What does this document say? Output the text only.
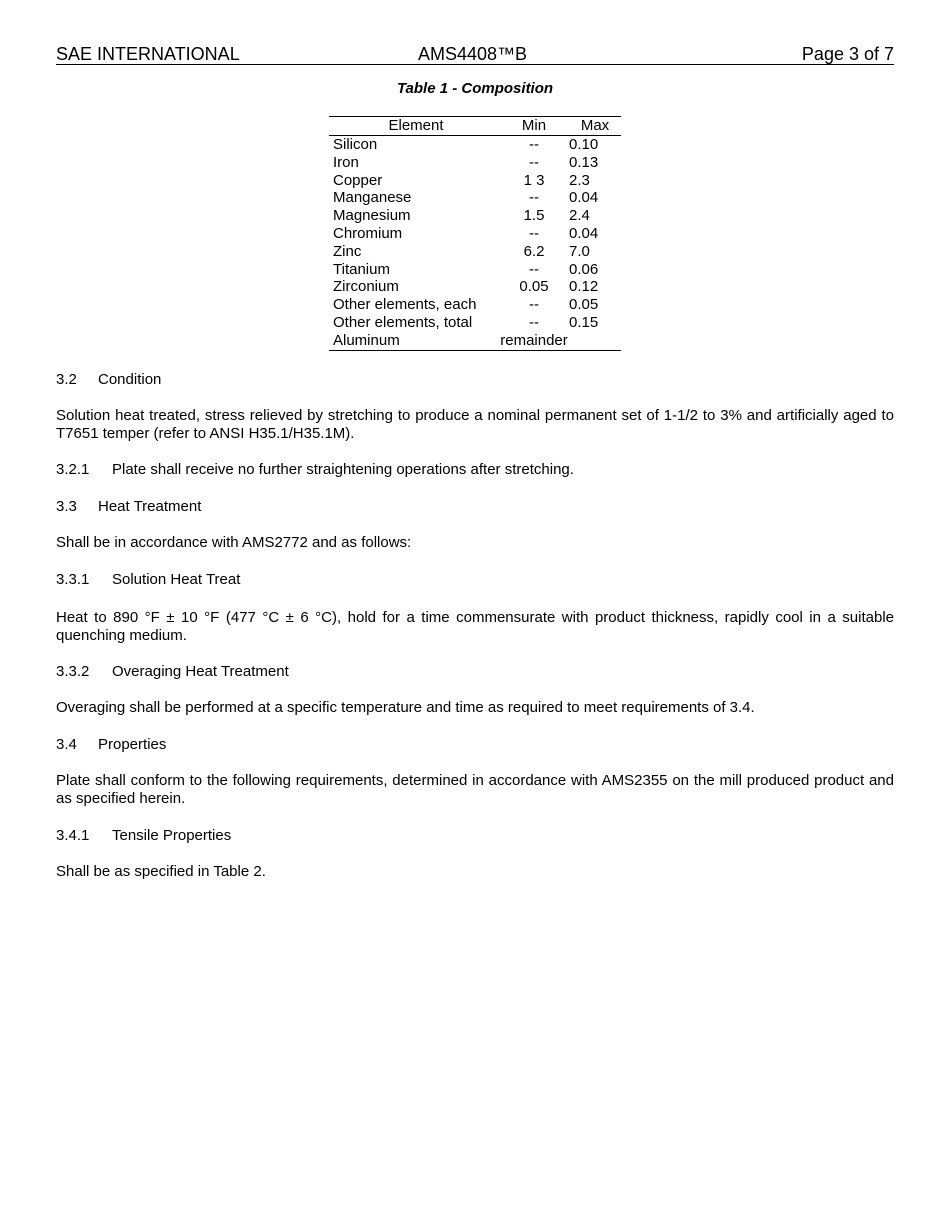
SAE INTERNATIONAL	AMS4408™B	Page 3 of 7
Table 1 - Composition
Element	Min	Max
Silicon	--	0.10
Iron	--	0.13
Copper	1 3	2.3
Manganese	--	0.04
Magnesium	1.5	2.4
Chromium	--	0.04
Zinc	6.2	7.0
Titanium	--	0.06
Zirconium	0.05	0.12
Other elements, each	--	0.05
Other elements, total	--	0.15
Aluminum	remainder	
3.2 Condition
Solution heat treated, stress relieved by stretching to produce a nominal permanent set of 1-1/2 to 3% and artificially aged to T7651 temper (refer to ANSI H35.1/H35.1M).
3.2.1 Plate shall receive no further straightening operations after stretching.
3.3 Heat Treatment
Shall be in accordance with AMS2772 and as follows:
3.3.1 Solution Heat Treat
Heat to 890 °F ± 10 °F (477 °C ± 6 °C), hold for a time commensurate with product thickness, rapidly cool in a suitable quenching medium.
3.3.2 Overaging Heat Treatment
Overaging shall be performed at a specific temperature and time as required to meet requirements of 3.4.
3.4 Properties
Plate shall conform to the following requirements, determined in accordance with AMS2355 on the mill produced product and as specified herein.
3.4.1 Tensile Properties
Shall be as specified in Table 2.
